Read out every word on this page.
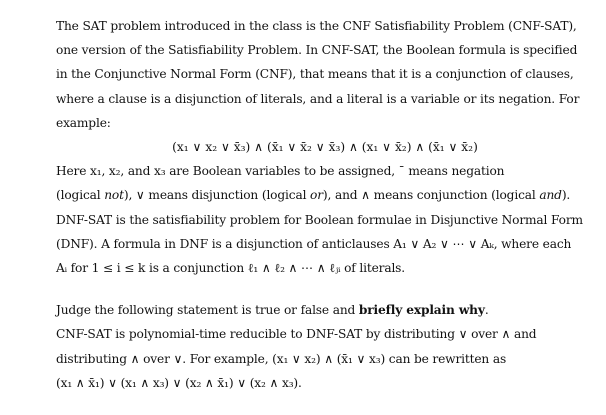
The SAT problem introduced in the class is the CNF Satisfiability Problem (CNF-SAT),
one version of the Satisfiability Problem. In CNF-SAT, the Boolean formula is specified
in the Conjunctive Normal Form (CNF), that means that it is a conjunction of clauses,
where a clause is a disjunction of literals, and a literal is a variable or its negation. For
example:
(x₁ ∨ x₂ ∨ x̄₃) ∧ (x̄₁ ∨ x̄₂ ∨ x̄₃) ∧ (x₁ ∨ x̄₂) ∧ (x̄₁ ∨ x̄₂)
Here x₁, x₂, and x₃ are Boolean variables to be assigned, ¯ means negation
(logical not), ∨ means disjunction (logical or), and ∧ means conjunction (logical and).
DNF-SAT is the satisfiability problem for Boolean formulae in Disjunctive Normal Form
(DNF). A formula in DNF is a disjunction of anticlauses A₁ ∨ A₂ ∨ ⋯ ∨ Aₖ, where each
Aᵢ for 1 ≤ i ≤ k is a conjunction ℓ₁ ∧ ℓ₂ ∧ ⋯ ∧ ℓⱼᵢ of literals.
Judge the following statement is true or false and briefly explain why.
CNF-SAT is polynomial-time reducible to DNF-SAT by distributing ∨ over ∧ and
distributing ∧ over ∨. For example, (x₁ ∨ x₂) ∧ (x̄₁ ∨ x₃) can be rewritten as
(x₁ ∧ x̄₁) ∨ (x₁ ∧ x₃) ∨ (x₂ ∧ x̄₁) ∨ (x₂ ∧ x₃).
